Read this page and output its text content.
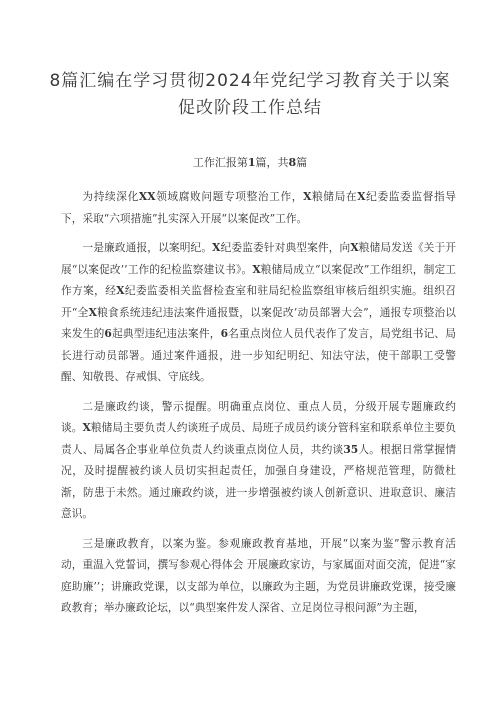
8篇汇编在学习贯彻2024年党纪学习教育关于以案
促改阶段工作总结
工作汇报第1篇，共8篇

为持续深化XX领域腐败问题专项整治工作，X粮储局在X纪委监委监督指导下，采取“六项措施”扎实深入开展“以案促改”工作。

一是廉政通报，以案明纪。X纪委监委针对典型案件，向X粮储局发送《关于开展“以案促改’’工作的纪检监察建议书》。X粮储局成立“以案促改”工作组织，制定工作方案，经X纪委监委相关监督检查室和驻局纪检监察组审核后组织实施。组织召开“全X粮食系统违纪违法案件通报暨，以案促改’动员部署大会”，通报专项整治以来发生的6起典型违纪违法案件，6名重点岗位人员代表作了发言，局党组书记、局长进行动员部署。通过案件通报，进一步知纪明纪、知法守法，使干部职工受警醒、知敬畏、存戒惧、守底线。

二是廉政约谈，警示提醒。明确重点岗位、重点人员，分级开展专题廉政约谈。X粮储局主要负责人约谈班子成员、局班子成员约谈分管科室和联系单位主要负责人、局属各企事业单位负责人约谈重点岗位人员，共约谈35人。根据日常掌握情况，及时提醒被约谈人员切实担起责任，加强自身建设，严格规范管理，防微杜渐，防患于未然。通过廉政约谈，进一步增强被约谈人创新意识、进取意识、廉洁意识。

三是廉政教育，以案为鉴。参观廉政教育基地，开展“以案为鉴”警示教育活动，重温入党誓词，撰写参观心得体会 开展廉政家访，与家属面对面交流，促进“家庭助廉’’；讲廉政党课，以支部为单位，以廉政为主题，为党员讲廉政党课，接受廉政教育；举办廉政论坛，以“典型案件发人深省、立足岗位寻根问源”为主题，
